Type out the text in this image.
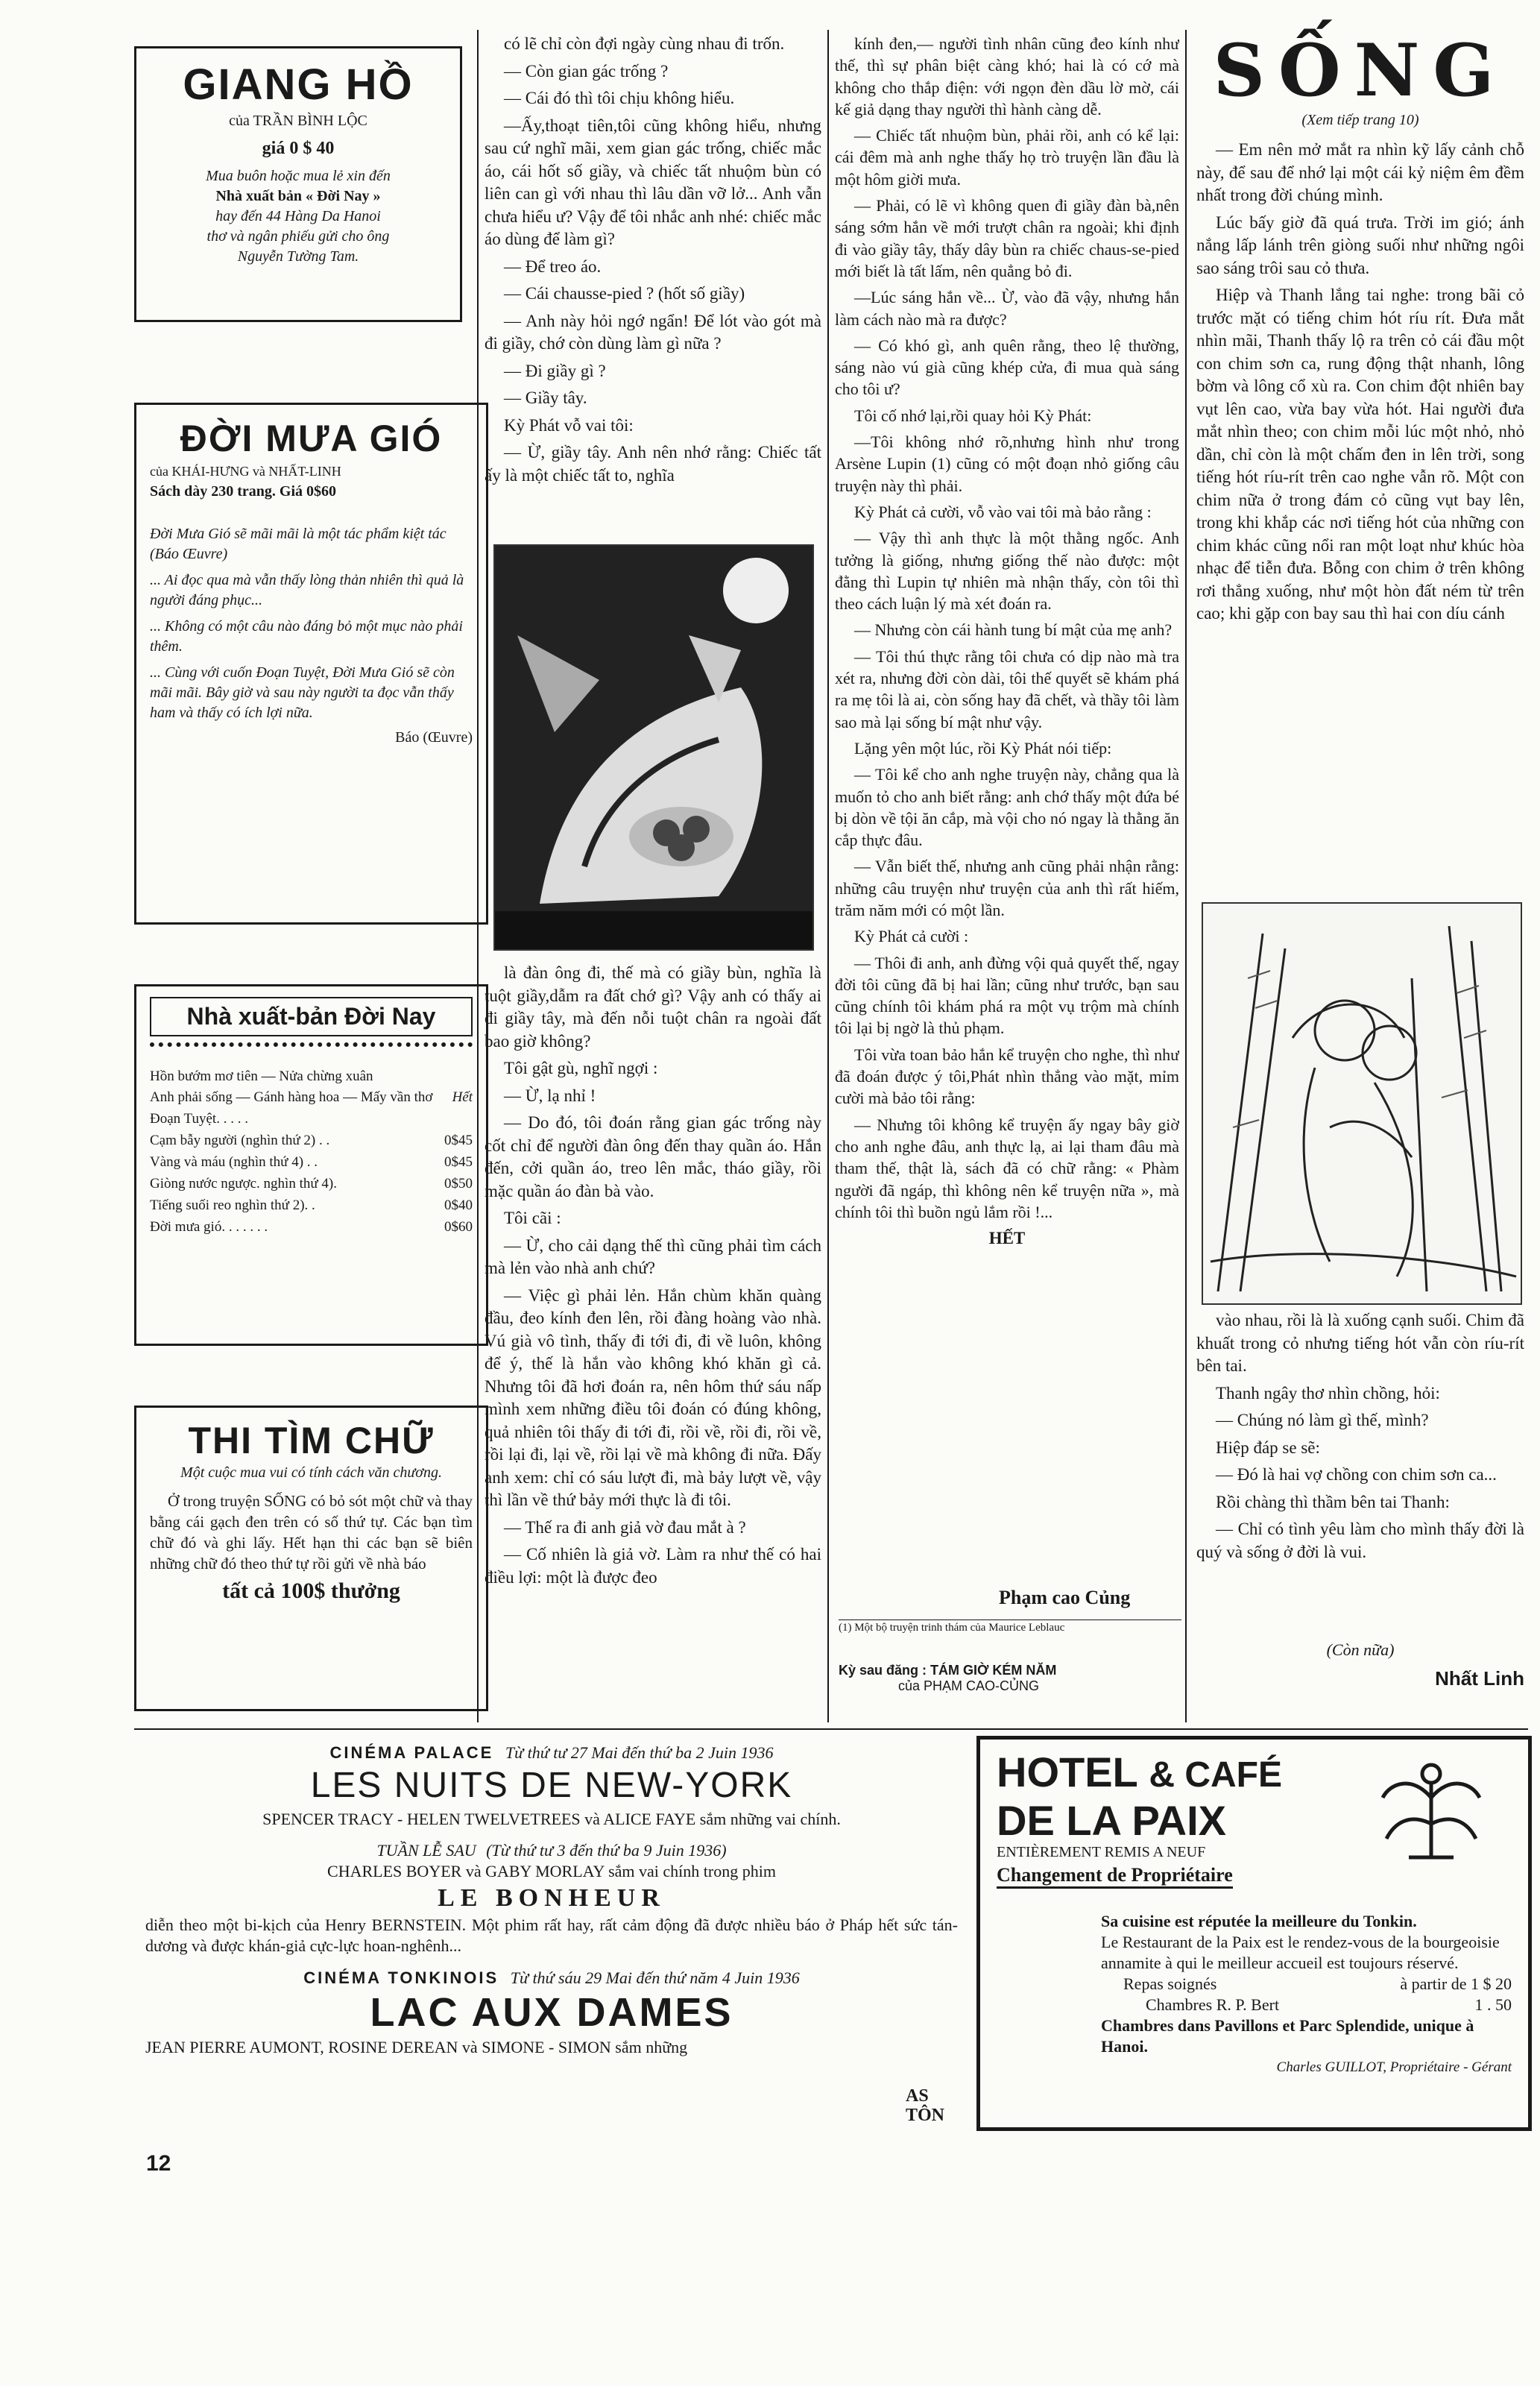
GIANG HỒ
của TRẦN BÌNH LỘC
giá 0 $ 40
Mua buôn hoặc mua lẻ xin đến
Nhà xuất bản « Đời Nay »
hay đến 44 Hàng Da Hanoi
thơ và ngân phiếu gửi cho ông
Nguyễn Tường Tam.
ĐỜI MƯA GIÓ
của KHÁI-HƯNG và NHẤT-LINH
Sách dày 230 trang. Giá 0$60
Đời Mưa Gió sẽ mãi mãi là một tác phẩm kiệt tác (Báo Œuvre)
... Ai đọc qua mà vẫn thấy lòng thản nhiên thì quả là người đáng phục...
... Không có một câu nào đáng bỏ một mục nào phải thêm.
... Cùng với cuốn Đoạn Tuyệt, Đời Mưa Gió sẽ còn mãi mãi. Bây giờ và sau này người ta đọc vẫn thấy ham và thấy có ích lợi nữa.
Báo (Œuvre)
Nhà xuất-bản Đời Nay
Hồn bướm mơ tiên — Nửa chừng xuân
Anh phải sống — Gánh hàng hoa — Mấy vần thơ Đoạn Tuyệt. . . . .
Hết
Cạm bẫy người (nghìn thứ 2) . .	0$45
Vàng và máu (nghìn thứ 4) . .	0$45
Giòng nước ngược. nghìn thứ 4).	0$50
Tiếng suối reo nghìn thứ 2). .	0$40
Đời mưa gió. . . . . . .	0$60
THI TÌM CHỮ
Một cuộc mua vui có tính cách văn chương.
Ở trong truyện SỐNG có bỏ sót một chữ và thay bằng cái gạch đen trên có số thứ tự. Các bạn tìm chữ đó và ghi lấy. Hết hạn thi các bạn sẽ biên những chữ đó theo thứ tự rồi gửi về nhà báo
tất cả 100$ thưởng

có lẽ chỉ còn đợi ngày cùng nhau đi trốn.

— Còn gian gác trống ?

— Cái đó thì tôi chịu không hiểu.

—Ấy,thoạt tiên,tôi cũng không hiểu, nhưng sau cứ nghĩ mãi, xem gian gác trống, chiếc mắc áo, cái hốt số giầy, và chiếc tất nhuộm bùn có liên can gì với nhau thì lâu dần vỡ lở... Anh vẫn chưa hiểu ư? Vậy để tôi nhắc anh nhé: chiếc mắc áo dùng để làm gì?

— Để treo áo.

— Cái chausse-pied ? (hốt số giầy)

— Anh này hỏi ngớ ngẩn! Để lót vào gót mà đi giầy, chớ còn dùng làm gì nữa ?

— Đi giầy gì ?

— Giầy tây.

Kỳ Phát vỗ vai tôi:

— Ừ, giầy tây. Anh nên nhớ rằng: Chiếc tất ấy là một chiếc tất to, nghĩa

là đàn ông đi, thế mà có giầy bùn, nghĩa là tuột giầy,dẫm ra đất chớ gì? Vậy anh có thấy ai đi giầy tây, mà đến nỗi tuột chân ra ngoài đất bao giờ không?

Tôi gật gù, nghĩ ngợi :

— Ừ, lạ nhỉ !

— Do đó, tôi đoán rằng gian gác trống này cốt chỉ để người đàn ông đến thay quần áo. Hắn đến, cởi quần áo, treo lên mắc, tháo giầy, rồi mặc quần áo đàn bà vào.

Tôi cãi :

— Ừ, cho cải dạng thế thì cũng phải tìm cách mà lẻn vào nhà anh chứ?

— Việc gì phải lẻn. Hắn chùm khăn quàng đầu, đeo kính đen lên, rồi đàng hoàng vào nhà. Vú già vô tình, thấy đi tới đi, đi về luôn, không để ý, thế là hắn vào không khó khăn gì cả. Nhưng tôi đã hơi đoán ra, nên hôm thứ sáu nấp mình xem những điều tôi đoán có đúng không, quả nhiên tôi thấy đi tới đi, rồi về, rồi đi, rồi về, rồi lại đi, lại về, rồi lại về mà không đi nữa. Đấy anh xem: chỉ có sáu lượt đi, mà bảy lượt về, vậy thì lần về thứ bảy mới thực là đi tôi.

— Thế ra đi anh giả vờ đau mắt à ?

— Cố nhiên là giả vờ. Làm ra như thế có hai điều lợi: một là được đeo

kính đen,— người tình nhân cũng đeo kính như thế, thì sự phân biệt càng khó; hai là có cớ mà không cho thắp điện: với ngọn đèn dầu lờ mờ, cái kế giả dạng thay người thì hành càng dễ.

— Chiếc tất nhuộm bùn, phải rồi, anh có kể lại: cái đêm mà anh nghe thấy họ trò truyện lần đầu là một hôm giời mưa.

— Phải, có lẽ vì không quen đi giầy đàn bà,nên sáng sớm hắn về mới trượt chân ra ngoài; khi định đi vào giầy tây, thấy dây bùn ra chiếc chaus-se-pied mới biết là tất lấm, nên quẳng bỏ đi.

—Lúc sáng hắn về... Ừ, vào đã vậy, nhưng hắn làm cách nào mà ra được?

— Có khó gì, anh quên rằng, theo lệ thường, sáng nào vú già cũng khép cửa, đi mua quà sáng cho tôi ư?

Tôi cố nhớ lại,rồi quay hỏi Kỳ Phát:

—Tôi không nhớ rõ,nhưng hình như trong Arsène Lupin (1) cũng có một đoạn nhỏ giống câu truyện này thì phải.

Kỳ Phát cả cười, vỗ vào vai tôi mà bảo rằng :

— Vậy thì anh thực là một thằng ngốc. Anh tưởng là giống, nhưng giống thế nào được: một đằng thì Lupin tự nhiên mà nhận thấy, còn tôi thì theo cách luận lý mà xét đoán ra.

— Nhưng còn cái hành tung bí mật của mẹ anh?

— Tôi thú thực rằng tôi chưa có dịp nào mà tra xét ra, nhưng đời còn dài, tôi thế quyết sẽ khám phá ra mẹ tôi là ai, còn sống hay đã chết, và thầy tôi làm sao mà lại sống bí mật như vậy.

Lặng yên một lúc, rồi Kỳ Phát nói tiếp:

— Tôi kể cho anh nghe truyện này, chẳng qua là muốn tỏ cho anh biết rằng: anh chớ thấy một đứa bé bị dòn về tội ăn cắp, mà vội cho nó ngay là thằng ăn cắp thực đâu.

— Vẫn biết thế, nhưng anh cũng phải nhận rằng: những câu truyện như truyện của anh thì rất hiếm, trăm năm mới có một lần.

Kỳ Phát cả cười :

— Thôi đi anh, anh đừng vội quả quyết thế, ngay đời tôi cũng đã bị hai lần; cũng như trước, bạn sau cũng chính tôi khám phá ra một vụ trộm mà chính tôi lại bị ngờ là thủ phạm.

Tôi vừa toan bảo hắn kể truyện cho nghe, thì như đã đoán được ý tôi,Phát nhìn thẳng vào mặt, mỉm cười mà bảo tôi rằng:

— Nhưng tôi không kể truyện ấy ngay bây giờ cho anh nghe đâu, anh thực lạ, ai lại tham đâu mà tham thế, thật là, sách đã có chữ rằng: « Phàm người đã ngáp, thì không nên kể truyện nữa », mà chính tôi thì buồn ngủ lắm rồi !...

HẾT
Phạm cao Củng
(1) Một bộ truyện trinh thám của Maurice Leblauc
Kỳ sau đăng : TÁM GIỜ KÉM NĂM
của PHẠM CAO-CỦNG
SỐNG
(Xem tiếp trang 10)

— Em nên mở mắt ra nhìn kỹ lấy cảnh chỗ này, để sau để nhớ lại một cái kỷ niệm êm đềm nhất trong đời chúng mình.

Lúc bấy giờ đã quá trưa. Trời im gió; ánh nắng lấp lánh trên giòng suối như những ngôi sao sáng trôi sau cỏ thưa.

Hiệp và Thanh lắng tai nghe: trong bãi cỏ trước mặt có tiếng chim hót ríu rít. Đưa mắt nhìn mãi, Thanh thấy lộ ra trên cỏ cái đầu một con chim sơn ca, rung động thật nhanh, lông bờm và lông cổ xù ra. Con chim đột nhiên bay vụt lên cao, vừa bay vừa hót. Hai người đưa mắt nhìn theo; con chim mỗi lúc một nhỏ, nhỏ dần, chỉ còn là một chấm đen in lên trời, song tiếng hót ríu-rít trên cao nghe vẫn rõ. Một con chim nữa ở trong đám cỏ cũng vụt bay lên, trong khi khắp các nơi tiếng hót của những con chim khác cũng nổi ran một loạt như khúc hòa nhạc để tiễn đưa. Bỗng con chim ở trên không rơi thẳng xuống, như một hòn đất ném từ trên cao; khi gặp con bay sau thì hai con díu cánh

vào nhau, rồi là là xuống cạnh suối. Chim đã khuất trong cỏ nhưng tiếng hót vẫn còn ríu-rít bên tai.

Thanh ngây thơ nhìn chồng, hỏi:

— Chúng nó làm gì thế, mình?

Hiệp đáp se sẽ:

— Đó là hai vợ chồng con chim sơn ca...

Rồi chàng thì thầm bên tai Thanh:

— Chỉ có tình yêu làm cho mình thấy đời là quý và sống ở đời là vui.

(Còn nữa)
Nhất Linh
CINÉMA PALACE Từ thứ tư 27 Mai đến thứ ba 2 Juin 1936
LES NUITS DE NEW-YORK
SPENCER TRACY - HELEN TWELVETREES và ALICE FAYE sắm những vai chính.
TUẦN LỄ SAU (Từ thứ tư 3 đến thứ ba 9 Juin 1936)
CHARLES BOYER và GABY MORLAY sắm vai chính trong phim
LE BONHEUR
diễn theo một bi-kịch của Henry BERNSTEIN. Một phim rất hay, rất cảm động đã được nhiều báo ở Pháp hết sức tán-dương và được khán-giả cực-lực hoan-nghênh...
CINÉMA TONKINOIS Từ thứ sáu 29 Mai đến thứ năm 4 Juin 1936
LAC AUX DAMES
JEAN PIERRE AUMONT, ROSINE DEREAN và SIMONE - SIMON sắm những
AS TÔN
HOTEL & CAFÉ
DE LA PAIX
ENTIÈREMENT REMIS A NEUF
Changement de Propriétaire
Sa cuisine est réputée la meilleure du Tonkin.
Le Restaurant de la Paix est le rendez-vous de la bourgeoisie annamite à qui le meilleur accueil est toujours réservé.
Repas soignés	à partir de 1 $ 20
Chambres R. P. Bert	1 . 50
Chambres dans Pavillons et Parc Splendide, unique à Hanoi.
Charles GUILLOT, Propriétaire - Gérant
12
